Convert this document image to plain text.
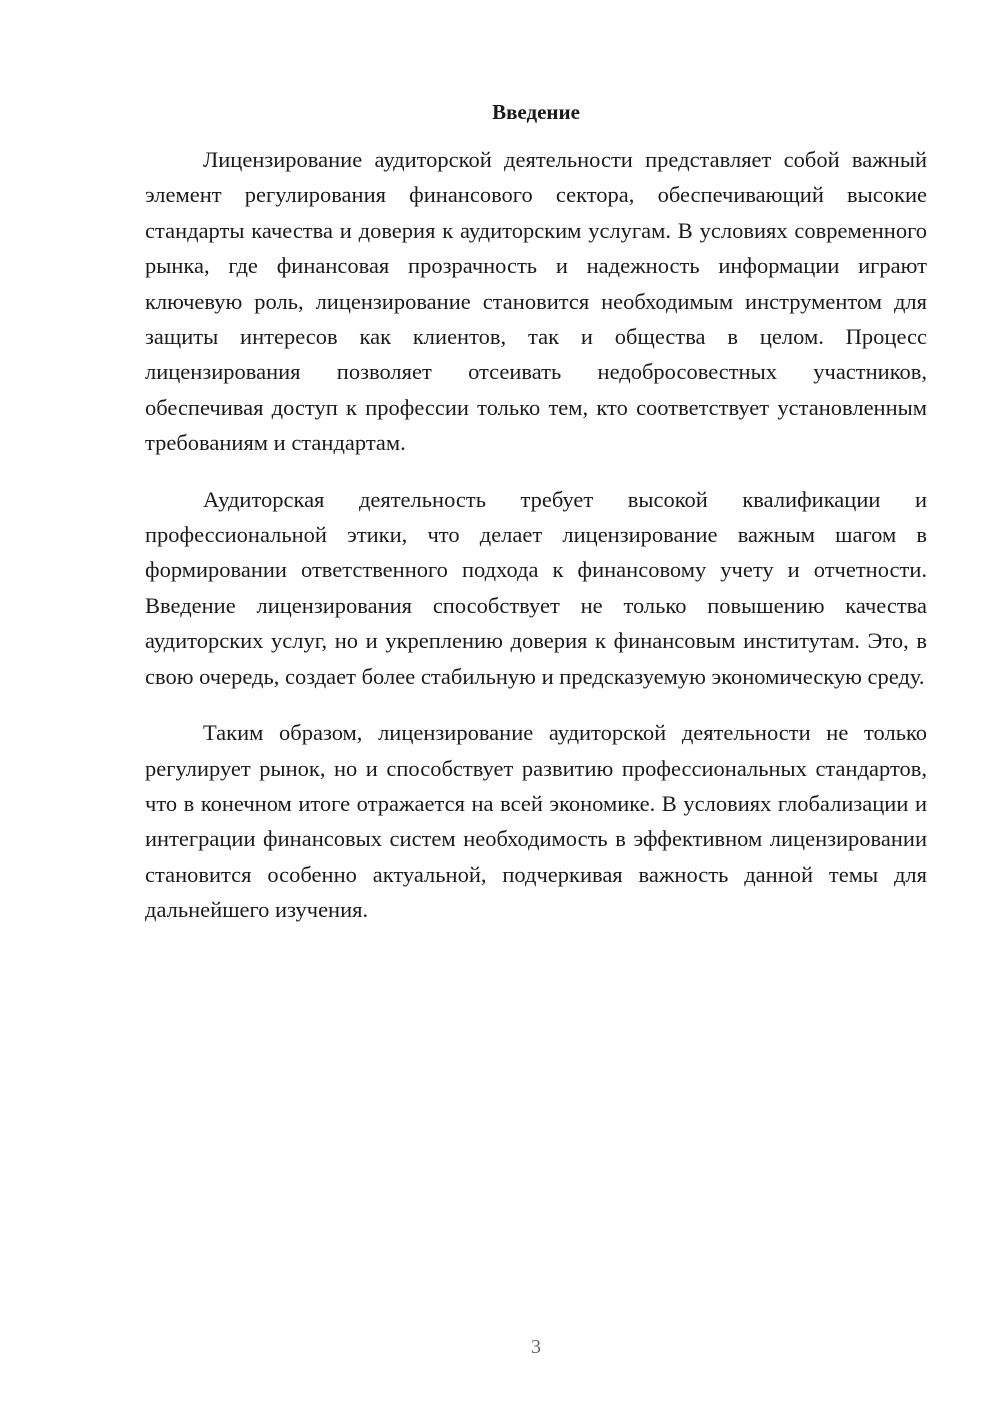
Введение

Лицензирование аудиторской деятельности представляет собой важный элемент регулирования финансового сектора, обеспечивающий высокие стандарты качества и доверия к аудиторским услугам. В условиях современного рынка, где финансовая прозрачность и надежность информации играют ключевую роль, лицензирование становится необходимым инструментом для защиты интересов как клиентов, так и общества в целом. Процесс лицензирования позволяет отсеивать недобросовестных участников, обеспечивая доступ к профессии только тем, кто соответствует установленным требованиям и стандартам.

Аудиторская деятельность требует высокой квалификации и профессиональной этики, что делает лицензирование важным шагом в формировании ответственного подхода к финансовому учету и отчетности. Введение лицензирования способствует не только повышению качества аудиторских услуг, но и укреплению доверия к финансовым институтам. Это, в свою очередь, создает более стабильную и предсказуемую экономическую среду.

Таким образом, лицензирование аудиторской деятельности не только регулирует рынок, но и способствует развитию профессиональных стандартов, что в конечном итоге отражается на всей экономике. В условиях глобализации и интеграции финансовых систем необходимость в эффективном лицензировании становится особенно актуальной, подчеркивая важность данной темы для дальнейшего изучения.

3
